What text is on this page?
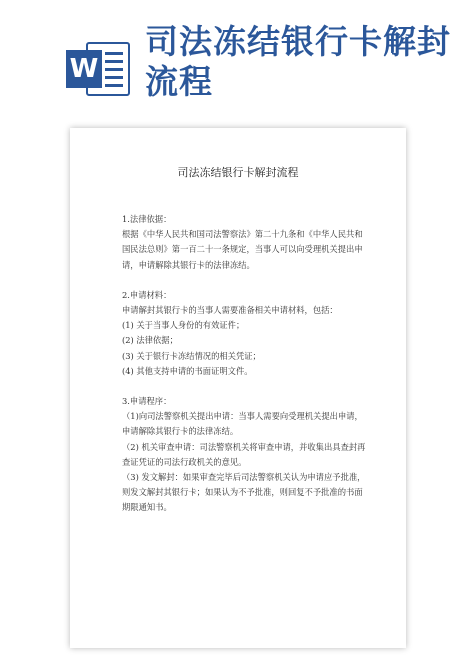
W
司法冻结银行卡解封流程
司法冻结银行卡解封流程
1.法律依据：
根据《中华人民共和国司法警察法》第二十九条和《中华人民共和国民法总则》第一百二十一条规定，当事人可以向受理机关提出申请，申请解除其银行卡的法律冻结。
2.申请材料：
申请解封其银行卡的当事人需要准备相关申请材料，包括：
(1) 关于当事人身份的有效证件；
(2) 法律依据；
(3) 关于银行卡冻结情况的相关凭证；
(4) 其他支持申请的书面证明文件。
3.申请程序：
（1)向司法警察机关提出申请：当事人需要向受理机关提出申请，申请解除其银行卡的法律冻结。
（2) 机关审查申请：司法警察机关将审查申请，并收集出具查封再查证凭证的司法行政机关的意见。
（3) 发文解封：如果审查完毕后司法警察机关认为申请应予批准，则发文解封其银行卡；如果认为不予批准，则回复不予批准的书面期限通知书。
